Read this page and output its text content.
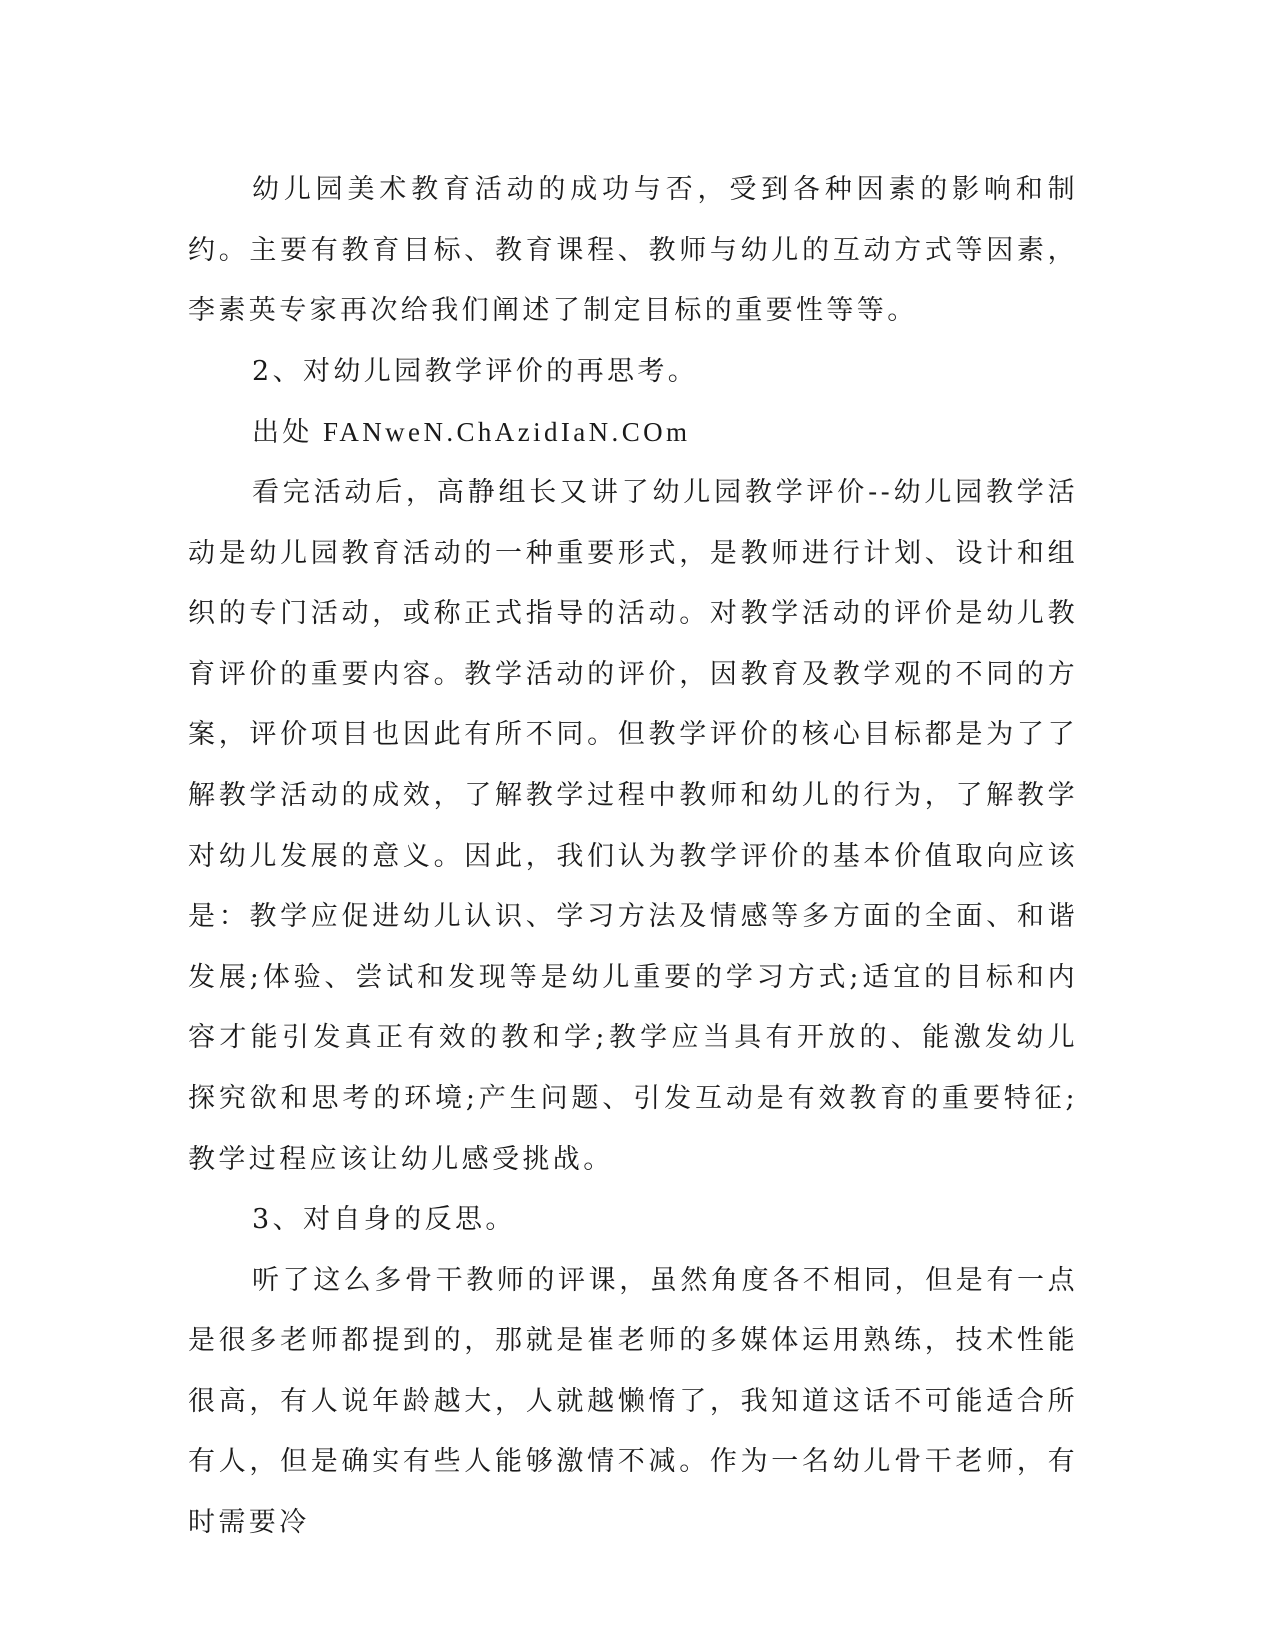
幼儿园美术教育活动的成功与否，受到各种因素的影响和制约。主要有教育目标、教育课程、教师与幼儿的互动方式等因素，李素英专家再次给我们阐述了制定目标的重要性等等。

2、对幼儿园教学评价的再思考。

出处 FANweN.ChAzidIaN.COm

看完活动后，高静组长又讲了幼儿园教学评价--幼儿园教学活动是幼儿园教育活动的一种重要形式，是教师进行计划、设计和组织的专门活动，或称正式指导的活动。对教学活动的评价是幼儿教育评价的重要内容。教学活动的评价，因教育及教学观的不同的方案，评价项目也因此有所不同。但教学评价的核心目标都是为了了解教学活动的成效，了解教学过程中教师和幼儿的行为，了解教学对幼儿发展的意义。因此，我们认为教学评价的基本价值取向应该是：教学应促进幼儿认识、学习方法及情感等多方面的全面、和谐发展;体验、尝试和发现等是幼儿重要的学习方式;适宜的目标和内容才能引发真正有效的教和学;教学应当具有开放的、能激发幼儿探究欲和思考的环境;产生问题、引发互动是有效教育的重要特征;教学过程应该让幼儿感受挑战。

3、对自身的反思。

听了这么多骨干教师的评课，虽然角度各不相同，但是有一点是很多老师都提到的，那就是崔老师的多媒体运用熟练，技术性能很高，有人说年龄越大，人就越懒惰了，我知道这话不可能适合所有人，但是确实有些人能够激情不减。作为一名幼儿骨干老师，有时需要冷
